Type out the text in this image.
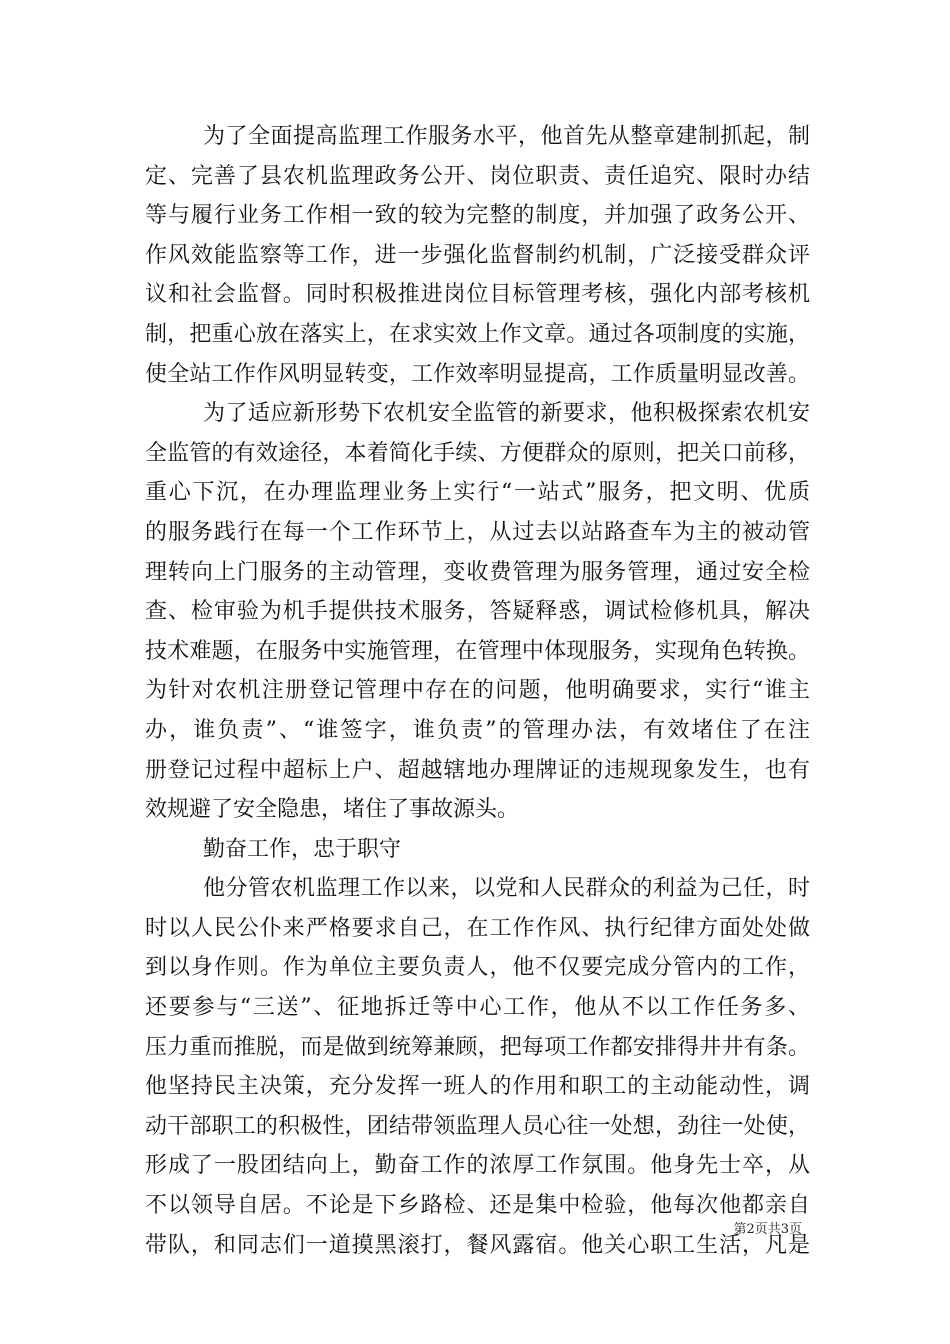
为了全面提高监理工作服务水平，他首先从整章建制抓起，制
定、完善了县农机监理政务公开、岗位职责、责任追究、限时办结
等与履行业务工作相一致的较为完整的制度，并加强了政务公开、
作风效能监察等工作，进一步强化监督制约机制，广泛接受群众评
议和社会监督。同时积极推进岗位目标管理考核，强化内部考核机
制，把重心放在落实上，在求实效上作文章。通过各项制度的实施，
使全站工作作风明显转变，工作效率明显提高，工作质量明显改善。
为了适应新形势下农机安全监管的新要求，他积极探索农机安
全监管的有效途径，本着简化手续、方便群众的原则，把关口前移，
重心下沉，在办理监理业务上实行“一站式”服务，把文明、优质
的服务践行在每一个工作环节上，从过去以站路查车为主的被动管
理转向上门服务的主动管理，变收费管理为服务管理，通过安全检
查、检审验为机手提供技术服务，答疑释惑，调试检修机具，解决
技术难题，在服务中实施管理，在管理中体现服务，实现角色转换。
为针对农机注册登记管理中存在的问题，他明确要求，实行“谁主
办，谁负责”、“谁签字，谁负责”的管理办法，有效堵住了在注
册登记过程中超标上户、超越辖地办理牌证的违规现象发生，也有
效规避了安全隐患，堵住了事故源头。
勤奋工作，忠于职守
他分管农机监理工作以来，以党和人民群众的利益为己任，时
时以人民公仆来严格要求自己，在工作作风、执行纪律方面处处做
到以身作则。作为单位主要负责人，他不仅要完成分管内的工作，
还要参与“三送”、征地拆迁等中心工作，他从不以工作任务多、
压力重而推脱，而是做到统筹兼顾，把每项工作都安排得井井有条。
他坚持民主决策，充分发挥一班人的作用和职工的主动能动性，调
动干部职工的积极性，团结带领监理人员心往一处想，劲往一处使，
形成了一股团结向上，勤奋工作的浓厚工作氛围。他身先士卒，从
不以领导自居。不论是下乡路检、还是集中检验，他每次他都亲自
带队，和同志们一道摸黑滚打，餐风露宿。他关心职工生活，凡是
第2页共3页
